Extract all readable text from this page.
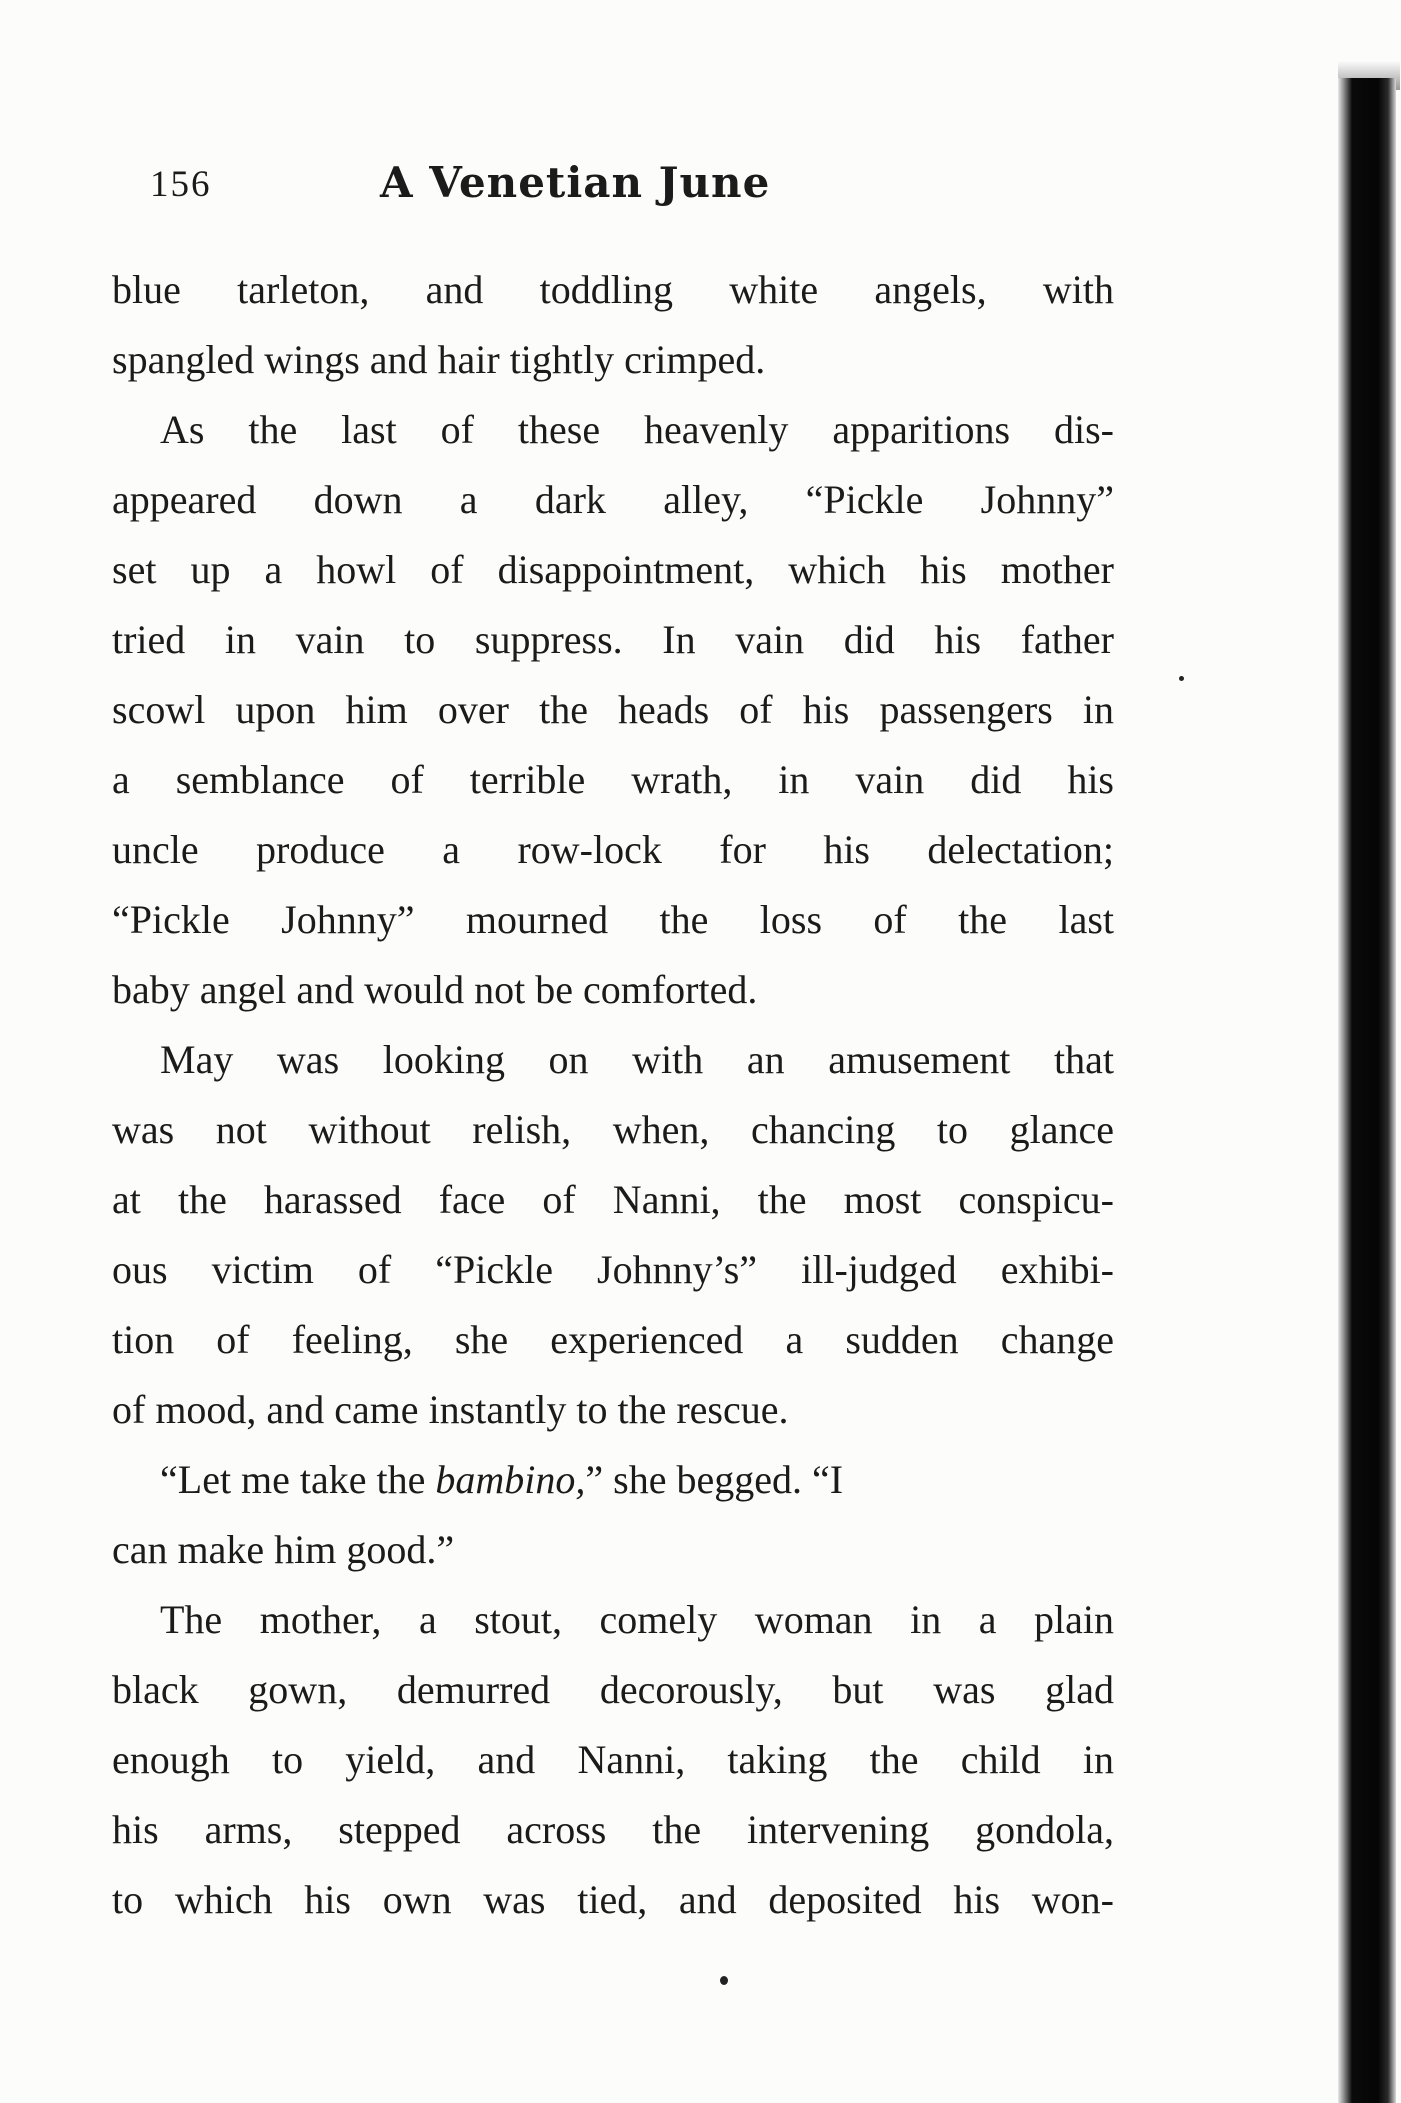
156	A Venetian June
blue tarleton, and toddling white angels, with
spangled wings and hair tightly crimped.
As the last of these heavenly apparitions dis-
appeared down a dark alley, “Pickle Johnny”
set up a howl of disappointment, which his mother
tried in vain to suppress. In vain did his father
scowl upon him over the heads of his passengers in
a semblance of terrible wrath, in vain did his
uncle produce a row-lock for his delectation;
“Pickle Johnny” mourned the loss of the last
baby angel and would not be comforted.
May was looking on with an amusement that
was not without relish, when, chancing to glance
at the harassed face of Nanni, the most conspicu-
ous victim of “Pickle Johnny’s” ill-judged exhibi-
tion of feeling, she experienced a sudden change
of mood, and came instantly to the rescue.
“Let me take the bambino,” she begged. “I
can make him good.”
The mother, a stout, comely woman in a plain
black gown, demurred decorously, but was glad
enough to yield, and Nanni, taking the child in
his arms, stepped across the intervening gondola,
to which his own was tied, and deposited his won-
